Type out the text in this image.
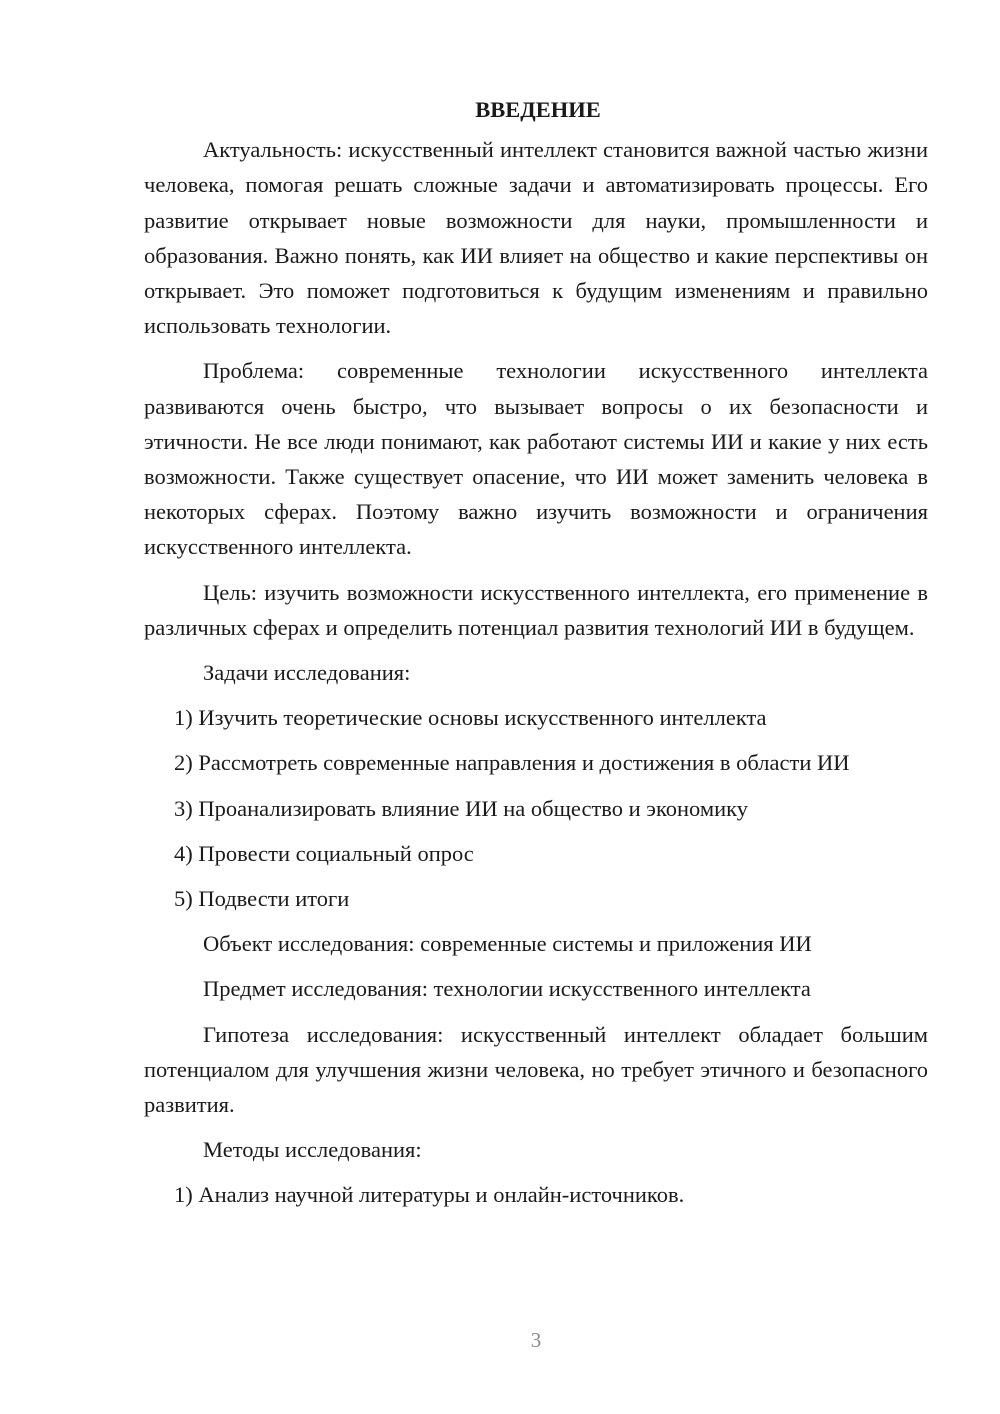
ВВЕДЕНИЕ

Актуальность: искусственный интеллект становится важной частью жизни человека, помогая решать сложные задачи и автоматизировать процессы. Его развитие открывает новые возможности для науки, промышленности и образования. Важно понять, как ИИ влияет на общество и какие перспективы он открывает. Это поможет подготовиться к будущим изменениям и правильно использовать технологии.

Проблема: современные технологии искусственного интеллекта развиваются очень быстро, что вызывает вопросы о их безопасности и этичности. Не все люди понимают, как работают системы ИИ и какие у них есть возможности. Также существует опасение, что ИИ может заменить человека в некоторых сферах. Поэтому важно изучить возможности и ограничения искусственного интеллекта.

Цель: изучить возможности искусственного интеллекта, его применение в различных сферах и определить потенциал развития технологий ИИ в будущем.

Задачи исследования:
1) Изучить теоретические основы искусственного интеллекта
2) Рассмотреть современные направления и достижения в области ИИ
3) Проанализировать влияние ИИ на общество и экономику
4) Провести социальный опрос
5) Подвести итоги
Объект исследования: современные системы и приложения ИИ
Предмет исследования: технологии искусственного интеллекта

Гипотеза исследования: искусственный интеллект обладает большим потенциалом для улучшения жизни человека, но требует этичного и безопасного развития.

Методы исследования:
1) Анализ научной литературы и онлайн-источников.
3
